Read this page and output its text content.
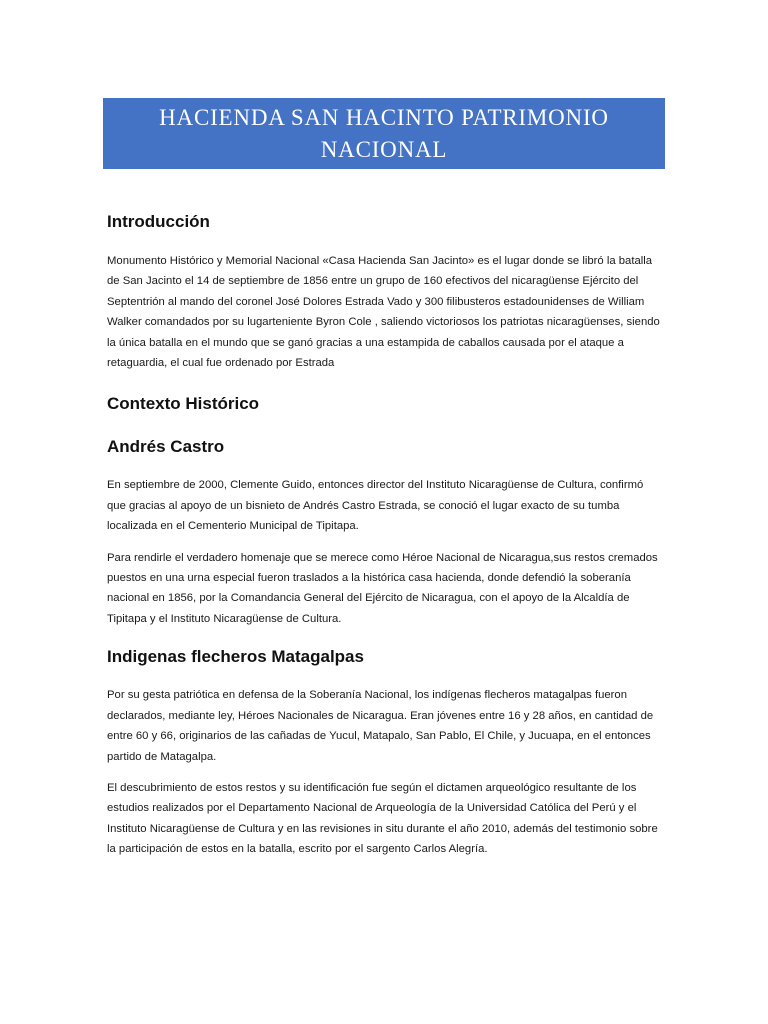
HACIENDA SAN HACINTO PATRIMONIO NACIONAL
Introducción

Monumento Histórico y Memorial Nacional «Casa Hacienda San Jacinto» es el lugar donde se libró la batalla de San Jacinto el 14 de septiembre de 1856 entre un grupo de 160 efectivos del nicaragüense Ejército del Septentrión al mando del coronel José Dolores Estrada Vado y 300 filibusteros estadounidenses de William Walker comandados por su lugarteniente Byron Cole , saliendo victoriosos los patriotas nicaragüenses, siendo la única batalla en el mundo que se ganó gracias a una estampida de caballos causada por el ataque a retaguardia, el cual fue ordenado por Estrada

Contexto Histórico
Andrés Castro

En septiembre de 2000, Clemente Guido, entonces director del Instituto Nicaragüense de Cultura, confirmó que gracias al apoyo de un bisnieto de Andrés Castro Estrada, se conoció el lugar exacto de su tumba localizada en el Cementerio Municipal de Tipitapa.

Para rendirle el verdadero homenaje que se merece como Héroe Nacional de Nicaragua,sus restos cremados puestos en una urna especial fueron traslados a la histórica casa hacienda, donde defendió la soberanía nacional en 1856, por la Comandancia General del Ejército de Nicaragua, con el apoyo de la Alcaldía de Tipitapa y el Instituto Nicaragüense de Cultura.

Indigenas flecheros Matagalpas

Por su gesta patriótica en defensa de la Soberanía Nacional, los indígenas flecheros matagalpas fueron declarados, mediante ley, Héroes Nacionales de Nicaragua. Eran jóvenes entre 16 y 28 años, en cantidad de entre 60 y 66, originarios de las cañadas de Yucul, Matapalo, San Pablo, El Chile, y Jucuapa, en el entonces partido de Matagalpa.

El descubrimiento de estos restos y su identificación fue según el dictamen arqueológico resultante de los estudios realizados por el Departamento Nacional de Arqueología de la Universidad Católica del Perú y el Instituto Nicaragüense de Cultura y en las revisiones in situ durante el año 2010, además del testimonio sobre la participación de estos en la batalla, escrito por el sargento Carlos Alegría.
